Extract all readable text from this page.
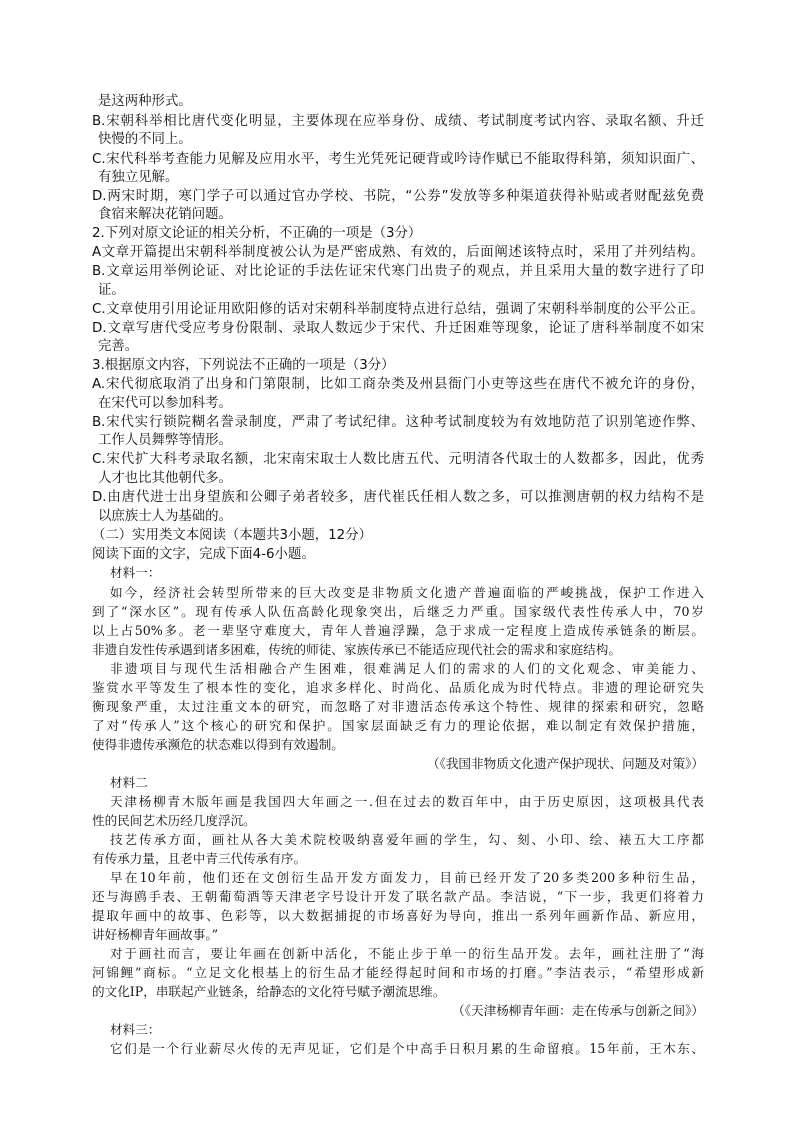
是这两种形式。
B.宋朝科举相比唐代变化明显，主要体现在应举身份、成绩、考试制度考试内容、录取名额、升迁
快慢的不同上。
C.宋代科举考查能力见解及应用水平，考生光凭死记硬背或吟诗作赋已不能取得科第，须知识面广、
有独立见解。
D.两宋时期，寒门学子可以通过官办学校、书院，“公券”发放等多种渠道获得补贴或者财配兹免费
食宿来解决花销问题。
2.下列对原文论证的相关分析，不正确的一项是（3分）
A文章开篇提出宋朝科举制度被公认为是严密成熟、有效的，后面阐述该特点时，采用了并列结构。
B.文章运用举例论证、对比论证的手法佐证宋代寒门出贵子的观点，并且采用大量的数字进行了印
证。
C.文章使用引用论证用欧阳修的话对宋朝科举制度特点进行总结，强调了宋朝科举制度的公平公正。
D.文章写唐代受应考身份限制、录取人数远少于宋代、升迁困难等现象，论证了唐科举制度不如宋
完善。
3.根据原文内容，下列说法不正确的一项是（3分）
A.宋代彻底取消了出身和门第限制，比如工商杂类及州县衙门小吏等这些在唐代不被允许的身份，
在宋代可以参加科考。
B.宋代实行锁院糊名誊录制度，严肃了考试纪律。这种考试制度较为有效地防范了识别笔迹作弊、
工作人员舞弊等情形。
C.宋代扩大科考录取名额，北宋南宋取士人数比唐五代、元明清各代取士的人数都多，因此，优秀
人才也比其他朝代多。
D.由唐代进士出身望族和公卿子弟者较多，唐代崔氏任相人数之多，可以推测唐朝的权力结构不是
以庶族士人为基础的。
（二）实用类文本阅读（本题共3小题，12分）
阅读下面的文字，完成下面4-6小题。
材料一：
如今，经济社会转型所带来的巨大改变是非物质文化遗产普遍面临的严峻挑战，保护工作进入
到了“深水区”。现有传承人队伍高龄化现象突出，后继乏力严重。国家级代表性传承人中，70岁
以上占50%多。老一辈坚守难度大，青年人普遍浮躁，急于求成一定程度上造成传承链条的断层。
非遗自发性传承遇到诸多困难，传统的师徒、家族传承已不能适应现代社会的需求和家庭结构。
非遗项目与现代生活相融合产生困难，很难满足人们的需求的人们的文化观念、审美能力、
鉴赏水平等发生了根本性的变化，追求多样化、时尚化、品质化成为时代特点。非遗的理论研究失
衡现象严重，太过注重文本的研究，而忽略了对非遗活态传承这个特性、规律的探索和研究，忽略
了对“传承人”这个核心的研究和保护。国家层面缺乏有力的理论依据，难以制定有效保护措施，
使得非遗传承濒危的状态难以得到有效遏制。
（《我国非物质文化遗产保护现状、问题及对策》）
材料二
天津杨柳青木版年画是我国四大年画之一.但在过去的数百年中，由于历史原因，这项极具代表
性的民间艺术历经几度浮沉。
技艺传承方面，画社从各大美术院校吸纳喜爱年画的学生，勾、刻、小印、绘、裱五大工序都
有传承力量，且老中青三代传承有序。
早在10年前，他们还在文创衍生品开发方面发力，目前已经开发了20多类200多种衍生品，
还与海鸥手表、王朝葡萄酒等天津老字号设计开发了联名款产品。李洁说，“下一步，我更们将着力
提取年画中的故事、色彩等，以大数据捕捉的市场喜好为导向，推出一系列年画新作品、新应用，
讲好杨柳青年画故事。”
对于画社而言，要让年画在创新中活化，不能止步于单一的衍生品开发。去年，画社注册了“海
河锦鲤”商标。“立足文化根基上的衍生品才能经得起时间和市场的打磨。”李洁表示，“希望形成新
的文化IP，串联起产业链条，给静态的文化符号赋予潮流思维。
（《天津杨柳青年画：走在传承与创新之间》）
材料三：
它们是一个行业薪尽火传的无声见证，它们是个中高手日积月累的生命留痕。15年前，王木东、
